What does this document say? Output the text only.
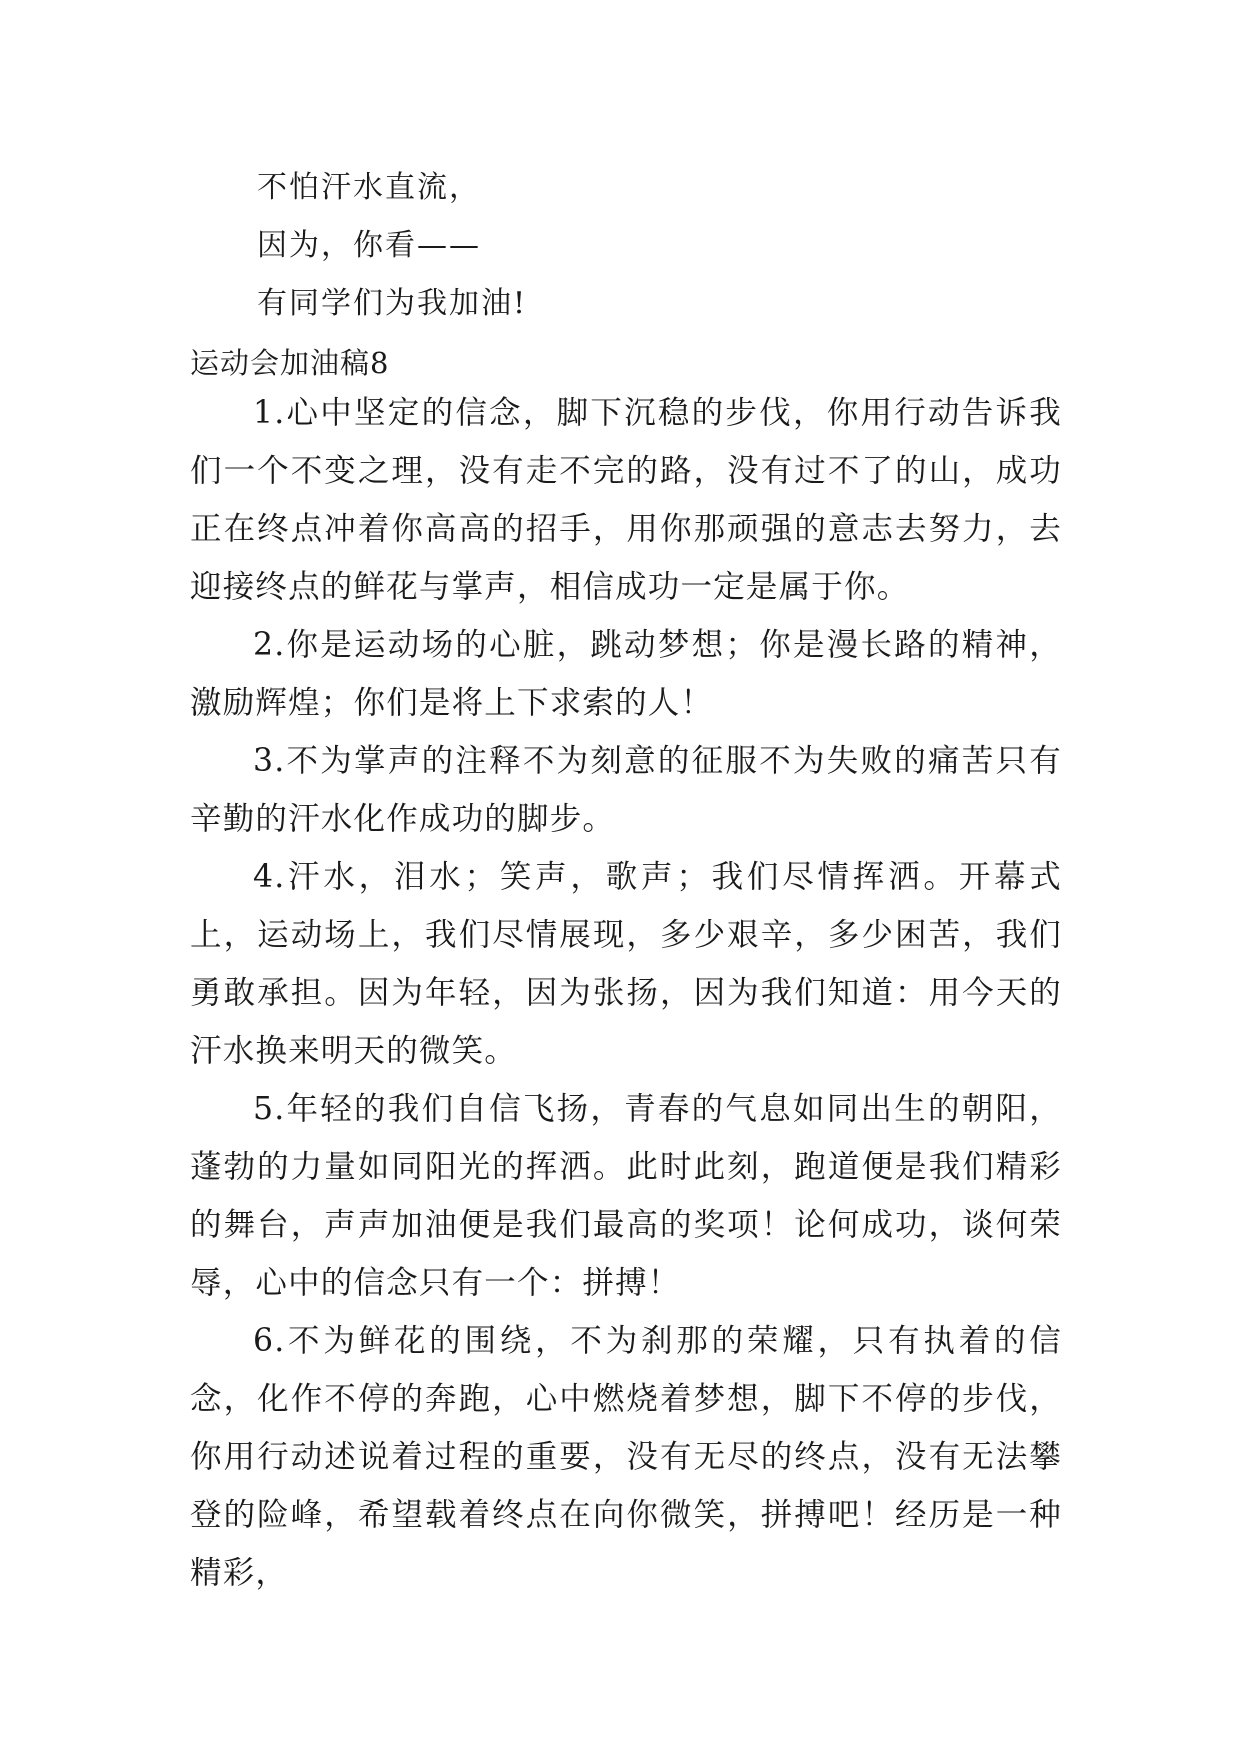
不怕汗水直流，
因为，你看——
有同学们为我加油!
运动会加油稿8

1.心中坚定的信念，脚下沉稳的步伐，你用行动告诉我们一个不变之理，没有走不完的路，没有过不了的山，成功正在终点冲着你高高的招手，用你那顽强的意志去努力，去迎接终点的鲜花与掌声，相信成功一定是属于你。

2.你是运动场的心脏，跳动梦想；你是漫长路的精神，激励辉煌；你们是将上下求索的人！

3.不为掌声的注释不为刻意的征服不为失败的痛苦只有辛勤的汗水化作成功的脚步。

4.汗水，泪水；笑声，歌声；我们尽情挥洒。开幕式上，运动场上，我们尽情展现，多少艰辛，多少困苦，我们勇敢承担。因为年轻，因为张扬，因为我们知道：用今天的汗水换来明天的微笑。

5.年轻的我们自信飞扬，青春的气息如同出生的朝阳，蓬勃的力量如同阳光的挥洒。此时此刻，跑道便是我们精彩的舞台，声声加油便是我们最高的奖项！论何成功，谈何荣辱，心中的信念只有一个：拼搏！

6.不为鲜花的围绕，不为刹那的荣耀，只有执着的信念，化作不停的奔跑，心中燃烧着梦想，脚下不停的步伐，你用行动述说着过程的重要，没有无尽的终点，没有无法攀登的险峰，希望载着终点在向你微笑，拼搏吧！经历是一种精彩，
